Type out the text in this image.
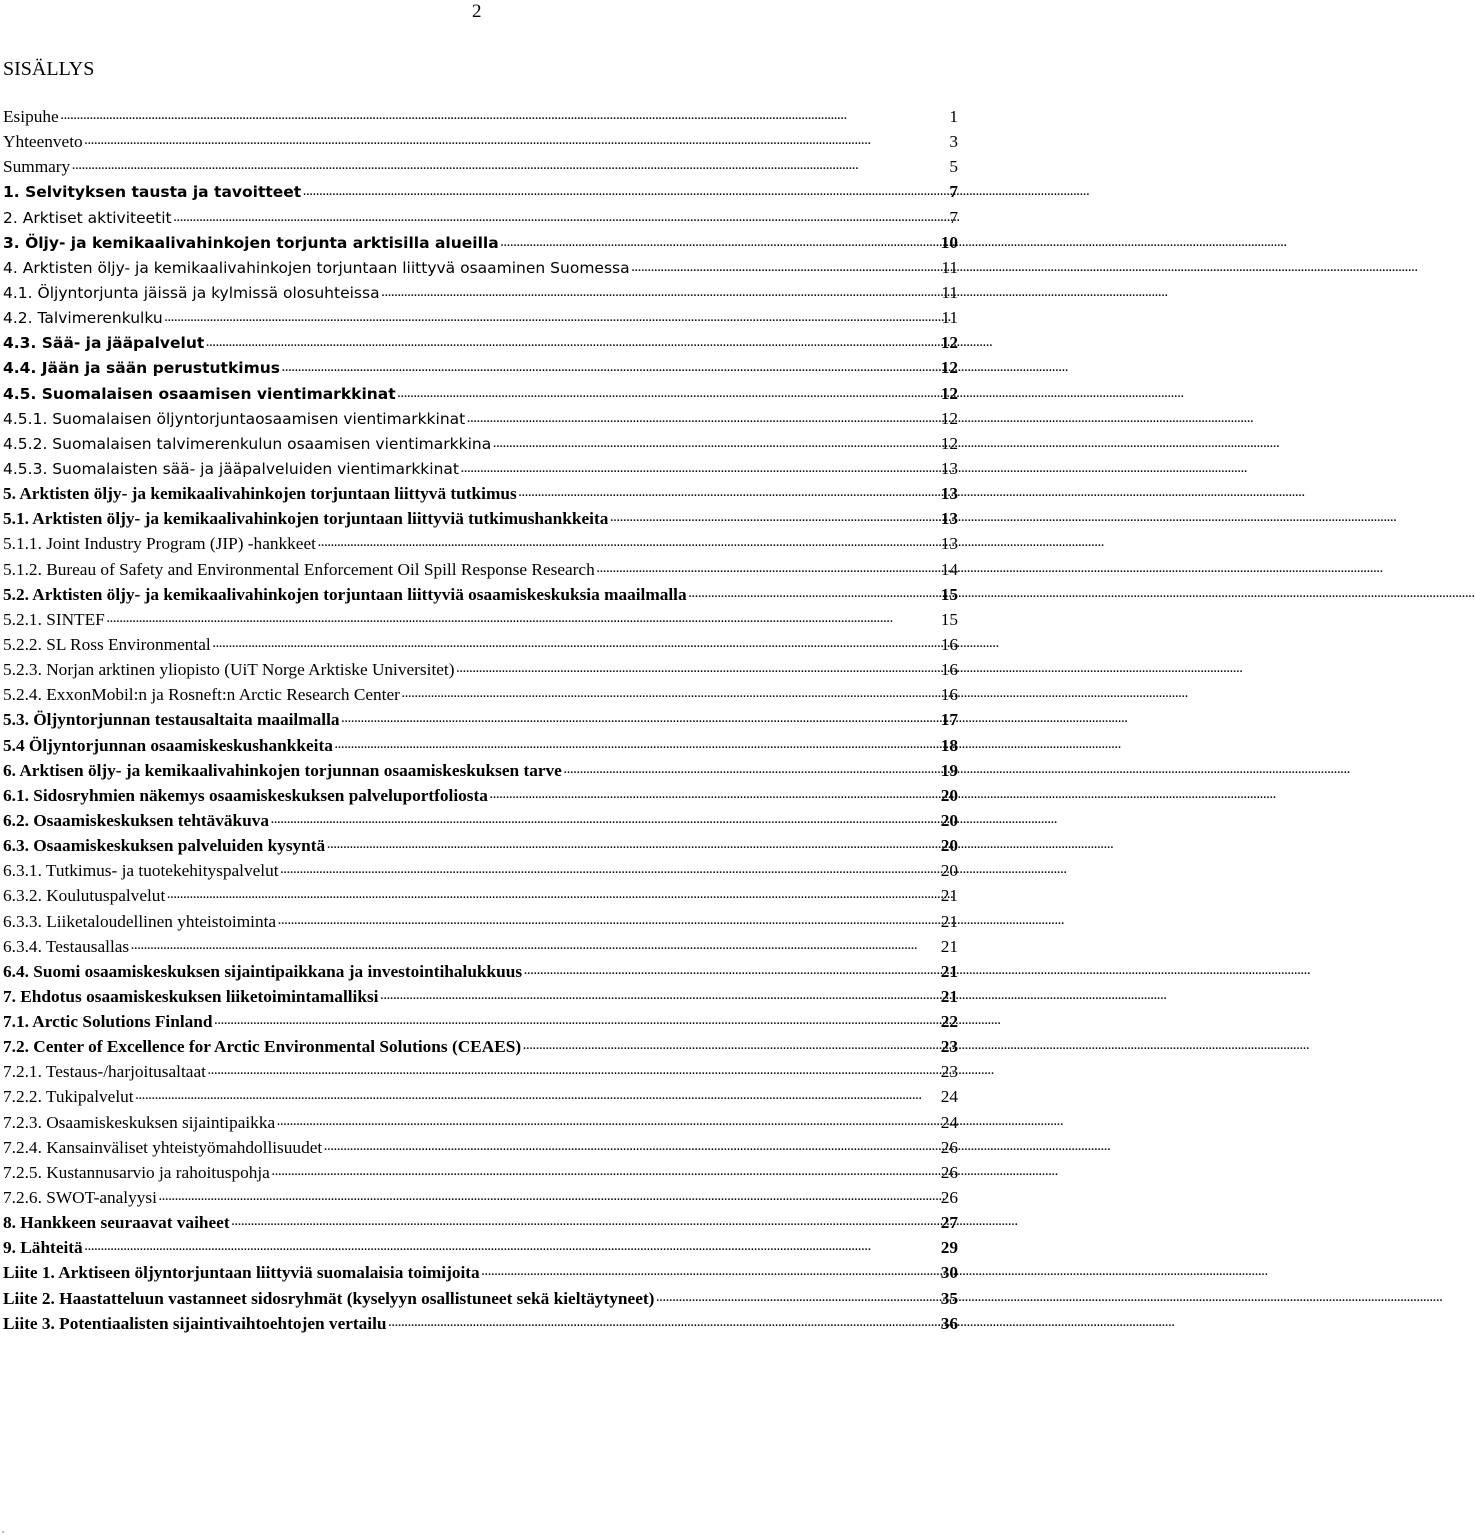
2
SISÄLLYS
Esipuhe .....	1
Yhteenveto .....	3
Summary .....	5
1. Selvityksen tausta ja tavoitteet .....	7
2. Arktiset aktiviteetit .....	7
3. Öljy- ja kemikaalivahinkojen torjunta arktisilla alueilla .....	10
4. Arktisten öljy- ja kemikaalivahinkojen torjuntaan liittyvä osaaminen Suomessa .....	11
4.1. Öljyntorjunta jäissä ja kylmissä olosuhteissa .....	11
4.2. Talvimerenkulku .....	11
4.3. Sää- ja jääpalvelut .....	12
4.4. Jään ja sään perustutkimus .....	12
4.5. Suomalaisen osaamisen vientimarkkinat .....	12
4.5.1. Suomalaisen öljyntorjuntaosaamisen vientimarkkinat .....	12
4.5.2. Suomalaisen talvimerenkulun osaamisen vientimarkkina .....	12
4.5.3. Suomalaisten sää- ja jääpalveluiden vientimarkkinat .....	13
5. Arktisten öljy- ja kemikaalivahinkojen torjuntaan liittyvä tutkimus .....	13
5.1. Arktisten öljy- ja kemikaalivahinkojen torjuntaan liittyviä tutkimushankkeita .....	13
5.1.1. Joint Industry Program (JIP) -hankkeet .....	13
5.1.2. Bureau of Safety and Environmental Enforcement Oil Spill Response Research .....	14
5.2. Arktisten öljy- ja kemikaalivahinkojen torjuntaan liittyviä osaamiskeskuksia maailmalla .....	15
5.2.1. SINTEF .....	15
5.2.2. SL Ross Environmental .....	16
5.2.3. Norjan arktinen yliopisto (UiT Norge Arktiske Universitet) .....	16
5.2.4. ExxonMobil:n ja Rosneft:n Arctic Research Center .....	16
5.3. Öljyntorjunnan testausaltaita maailmalla .....	17
5.4 Öljyntorjunnan osaamiskeskushankkeita .....	18
6. Arktisen öljy- ja kemikaalivahinkojen torjunnan osaamiskeskuksen tarve .....	19
6.1. Sidosryhmien näkemys osaamiskeskuksen palveluportfoliosta .....	20
6.2. Osaamiskeskuksen tehtäväkuva .....	20
6.3. Osaamiskeskuksen palveluiden kysyntä .....	20
6.3.1. Tutkimus- ja tuotekehityspalvelut .....	20
6.3.2. Koulutuspalvelut .....	21
6.3.3. Liiketaloudellinen yhteistoiminta .....	21
6.3.4. Testausallas .....	21
6.4. Suomi osaamiskeskuksen sijaintipaikkana ja investointihalukkuus .....	21
7. Ehdotus osaamiskeskuksen liiketoimintamalliksi .....	21
7.1. Arctic Solutions Finland .....	22
7.2. Center of Excellence for Arctic Environmental Solutions (CEAES) .....	23
7.2.1. Testaus-/harjoitusaltaat .....	23
7.2.2. Tukipalvelut .....	24
7.2.3. Osaamiskeskuksen sijaintipaikka .....	24
7.2.4. Kansainväliset yhteistyömahdollisuudet .....	26
7.2.5. Kustannusarvio ja rahoituspohja .....	26
7.2.6. SWOT-analyysi .....	26
8. Hankkeen seuraavat vaiheet .....	27
9. Lähteitä .....	29
Liite 1. Arktiseen öljyntorjuntaan liittyviä suomalaisia toimijoita .....	30
Liite 2. Haastatteluun vastanneet sidosryhmät (kyselyyn osallistuneet sekä kieltäytyneet) .....	35
Liite 3. Potentiaalisten sijaintivaihtoehtojen vertailu .....	36
